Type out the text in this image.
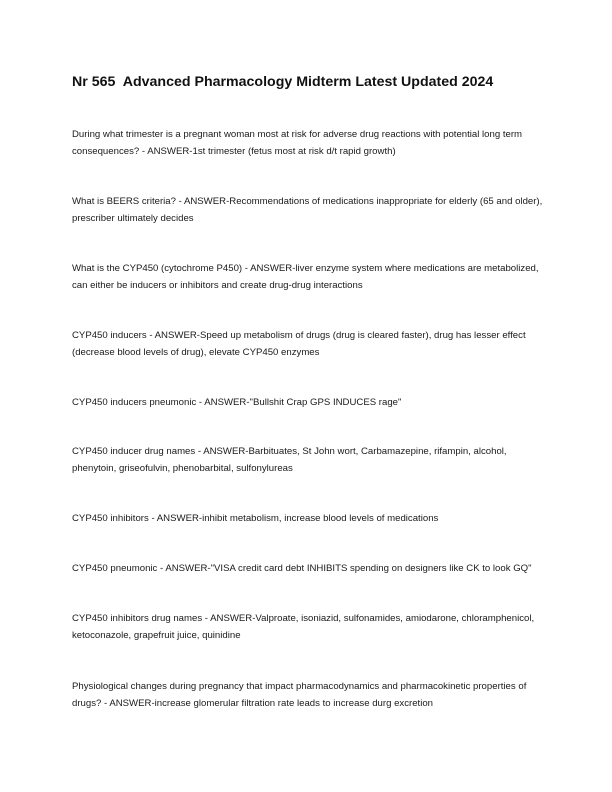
Nr 565  Advanced Pharmacology Midterm Latest Updated 2024

During what trimester is a pregnant woman most at risk for adverse drug reactions with potential long term consequences? - ANSWER-1st trimester (fetus most at risk d/t rapid growth)

What is BEERS criteria? - ANSWER-Recommendations of medications inappropriate for elderly (65 and older), prescriber ultimately decides

What is the CYP450 (cytochrome P450) - ANSWER-liver enzyme system where medications are metabolized, can either be inducers or inhibitors and create drug-drug interactions

CYP450 inducers - ANSWER-Speed up metabolism of drugs (drug is cleared faster), drug has lesser effect (decrease blood levels of drug), elevate CYP450 enzymes

CYP450 inducers pneumonic - ANSWER-"Bullshit Crap GPS INDUCES rage"

CYP450 inducer drug names - ANSWER-Barbituates, St John wort, Carbamazepine, rifampin, alcohol, phenytoin, griseofulvin, phenobarbital, sulfonylureas

CYP450 inhibitors - ANSWER-inhibit metabolism, increase blood levels of medications

CYP450 pneumonic - ANSWER-"VISA credit card debt INHIBITS spending on designers like CK to look GQ"

CYP450 inhibitors drug names - ANSWER-Valproate, isoniazid, sulfonamides, amiodarone, chloramphenicol, ketoconazole, grapefruit juice, quinidine

Physiological changes during pregnancy that impact pharmacodynamics and pharmacokinetic properties of drugs? - ANSWER-increase glomerular filtration rate leads to increase durg excretion
